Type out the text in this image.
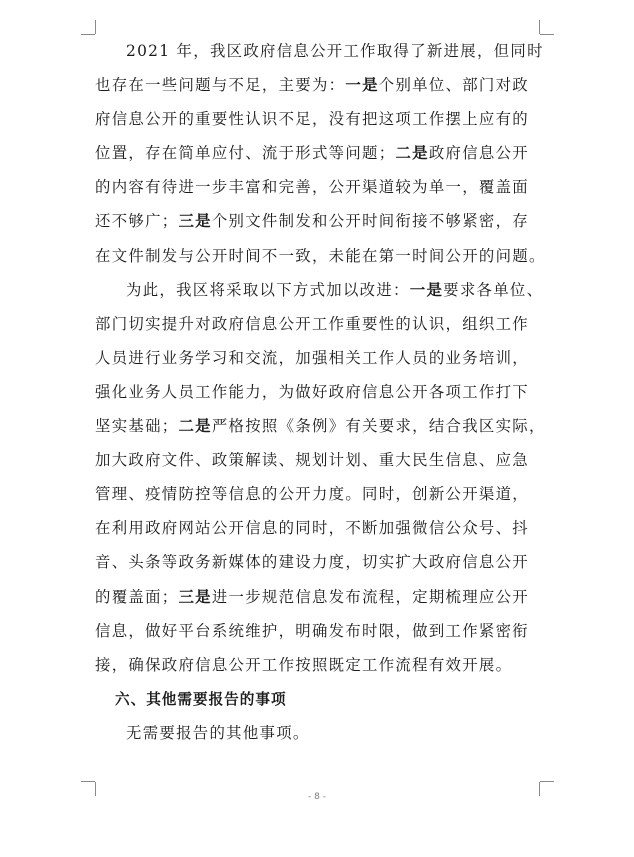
2021 年，我区政府信息公开工作取得了新进展，但同时
也存在一些问题与不足，主要为：一是个别单位、部门对政
府信息公开的重要性认识不足，没有把这项工作摆上应有的
位置，存在简单应付、流于形式等问题；二是政府信息公开
的内容有待进一步丰富和完善，公开渠道较为单一，覆盖面
还不够广；三是个别文件制发和公开时间衔接不够紧密，存
在文件制发与公开时间不一致，未能在第一时间公开的问题。
为此，我区将采取以下方式加以改进：一是要求各单位、
部门切实提升对政府信息公开工作重要性的认识，组织工作
人员进行业务学习和交流，加强相关工作人员的业务培训，
强化业务人员工作能力，为做好政府信息公开各项工作打下
坚实基础；二是严格按照《条例》有关要求，结合我区实际，
加大政府文件、政策解读、规划计划、重大民生信息、应急
管理、疫情防控等信息的公开力度。同时，创新公开渠道，
在利用政府网站公开信息的同时，不断加强微信公众号、抖
音、头条等政务新媒体的建设力度，切实扩大政府信息公开
的覆盖面；三是进一步规范信息发布流程，定期梳理应公开
信息，做好平台系统维护，明确发布时限，做到工作紧密衔
接，确保政府信息公开工作按照既定工作流程有效开展。
六、其他需要报告的事项
无需要报告的其他事项。
- 8 -
